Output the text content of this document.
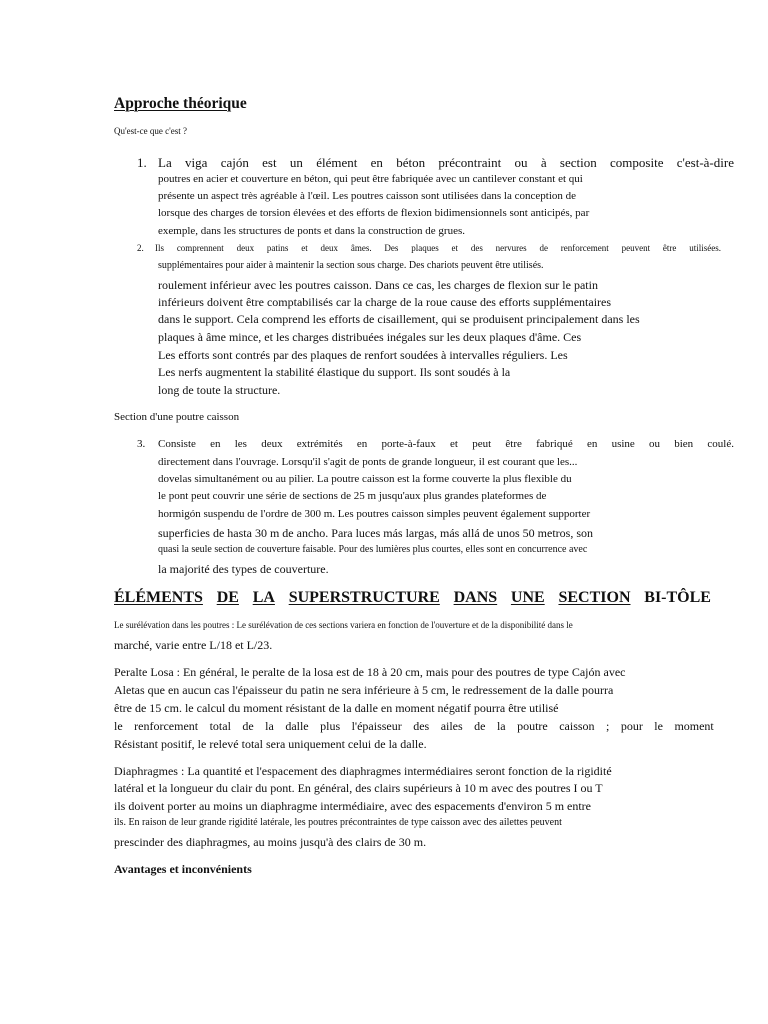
Approche théorique
Qu'est-ce que c'est ?
1. La viga cajón est un élément en béton précontraint ou à section composite c'est-à-dire
poutres en acier et couverture en béton, qui peut être fabriquée avec un cantilever constant et qui
présente un aspect très agréable à l'œil. Les poutres caisson sont utilisées dans la conception de
lorsque des charges de torsion élevées et des efforts de flexion bidimensionnels sont anticipés, par
exemple, dans les structures de ponts et dans la construction de grues.
2. Ils comprennent deux patins et deux âmes. Des plaques et des nervures de renforcement peuvent être utilisées.
supplémentaires pour aider à maintenir la section sous charge. Des chariots peuvent être utilisés.
roulement inférieur avec les poutres caisson. Dans ce cas, les charges de flexion sur le patin
inférieurs doivent être comptabilisés car la charge de la roue cause des efforts supplémentaires
dans le support. Cela comprend les efforts de cisaillement, qui se produisent principalement dans les
plaques à âme mince, et les charges distribuées inégales sur les deux plaques d'âme. Ces
Les efforts sont contrés par des plaques de renfort soudées à intervalles réguliers. Les
Les nerfs augmentent la stabilité élastique du support. Ils sont soudés à la
long de toute la structure.
Section d'une poutre caisson
3. Consiste en les deux extrémités en porte-à-faux et peut être fabriqué en usine ou bien coulé.
directement dans l'ouvrage. Lorsqu'il s'agit de ponts de grande longueur, il est courant que les...
dovelas simultanément ou au pilier. La poutre caisson est la forme couverte la plus flexible du
le pont peut couvrir une série de sections de 25 m jusqu'aux plus grandes plateformes de
hormigón suspendu de l'ordre de 300 m. Les poutres caisson simples peuvent également supporter
superficies de hasta 30 m de ancho. Para luces más largas, más allá de unos 50 metros, son
quasi la seule section de couverture faisable. Pour des lumières plus courtes, elles sont en concurrence avec
la majorité des types de couverture.
ÉLÉMENTS DE LA SUPERSTRUCTURE DANS UNE SECTION BI-TÔLE
Le surélévation dans les poutres : Le surélévation de ces sections variera en fonction de l'ouverture et de la disponibilité dans le
marché, varie entre L/18 et L/23.
Peralte Losa : En général, le peralte de la losa est de 18 à 20 cm, mais pour des poutres de type Cajón avec
Aletas que en aucun cas l'épaisseur du patin ne sera inférieure à 5 cm, le redressement de la dalle pourra
être de 15 cm. le calcul du moment résistant de la dalle en moment négatif pourra être utilisé
le renforcement total de la dalle plus l'épaisseur des ailes de la poutre caisson ; pour le moment
Résistant positif, le relevé total sera uniquement celui de la dalle.
Diaphragmes : La quantité et l'espacement des diaphragmes intermédiaires seront fonction de la rigidité
latéral et la longueur du clair du pont. En général, des clairs supérieurs à 10 m avec des poutres I ou T
ils doivent porter au moins un diaphragme intermédiaire, avec des espacements d'environ 5 m entre
ils. En raison de leur grande rigidité latérale, les poutres précontraintes de type caisson avec des ailettes peuvent
prescinder des diaphragmes, au moins jusqu'à des clairs de 30 m.
Avantages et inconvénients
